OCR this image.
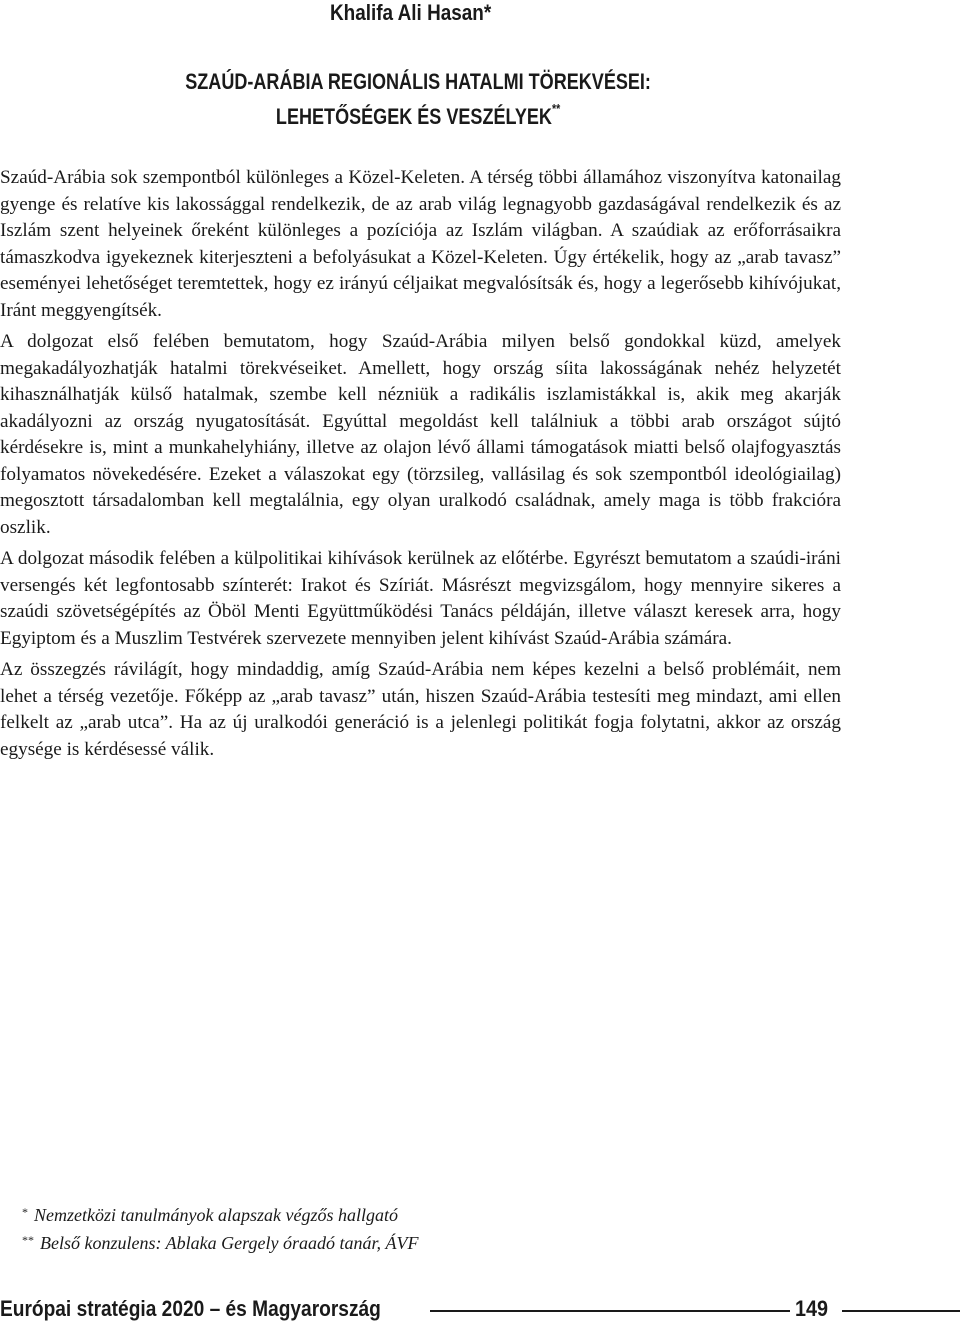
Khalifa Ali Hasan*
SZAÚD-ARÁBIA REGIONÁLIS HATALMI TÖREKVÉSEI:
LEHETŐSÉGEK ÉS VESZÉLYEK**

Szaúd-Arábia sok szempontból különleges a Közel-Keleten. A térség többi államához viszonyítva katonailag gyenge és relatíve kis lakossággal rendelkezik, de az arab világ legnagyobb gazdaságával rendelkezik és az Iszlám szent helyeinek őreként különleges a pozíciója az Iszlám világban. A szaúdiak az erőforrásaikra támaszkodva igyekeznek kiterjeszteni a befolyásukat a Közel-Keleten. Úgy értékelik, hogy az „arab tavasz” eseményei lehetőséget teremtettek, hogy ez irányú céljaikat megvalósítsák és, hogy a legerősebb kihívójukat, Iránt meggyengítsék.

A dolgozat első felében bemutatom, hogy Szaúd-Arábia milyen belső gondokkal küzd, amelyek megakadályozhatják hatalmi törekvéseiket. Amellett, hogy ország síita lakosságának nehéz helyzetét kihasználhatják külső hatalmak, szembe kell nézniük a radikális iszlamistákkal is, akik meg akarják akadályozni az ország nyugatosítását. Egyúttal megoldást kell találniuk a többi arab országot sújtó kérdésekre is, mint a munkahelyhiány, illetve az olajon lévő állami támogatások miatti belső olajfogyasztás folyamatos növekedésére. Ezeket a válaszokat egy (törzsileg, vallásilag és sok szempontból ideológiailag) megosztott társadalomban kell megtalálnia, egy olyan uralkodó családnak, amely maga is több frakcióra oszlik.

A dolgozat második felében a külpolitikai kihívások kerülnek az előtérbe. Egyrészt bemutatom a szaúdi-iráni versengés két legfontosabb színterét: Irakot és Szíriát. Másrészt megvizsgálom, hogy mennyire sikeres a szaúdi szövetségépítés az Öböl Menti Együttműködési Tanács példáján, illetve választ keresek arra, hogy Egyiptom és a Muszlim Testvérek szervezete mennyiben jelent kihívást Szaúd-Arábia számára.

Az összegzés rávilágít, hogy mindaddig, amíg Szaúd-Arábia nem képes kezelni a belső problémáit, nem lehet a térség vezetője. Főképp az „arab tavasz” után, hiszen Szaúd-Arábia testesíti meg mindazt, ami ellen felkelt az „arab utca”. Ha az új uralkodói generáció is a jelenlegi politikát fogja folytatni, akkor az ország egysége is kérdésessé válik.

* Nemzetközi tanulmányok alapszak végzős hallgató
** Belső konzulens: Ablaka Gergely óraadó tanár, ÁVF
Európai stratégia 2020 – és Magyarország	149
